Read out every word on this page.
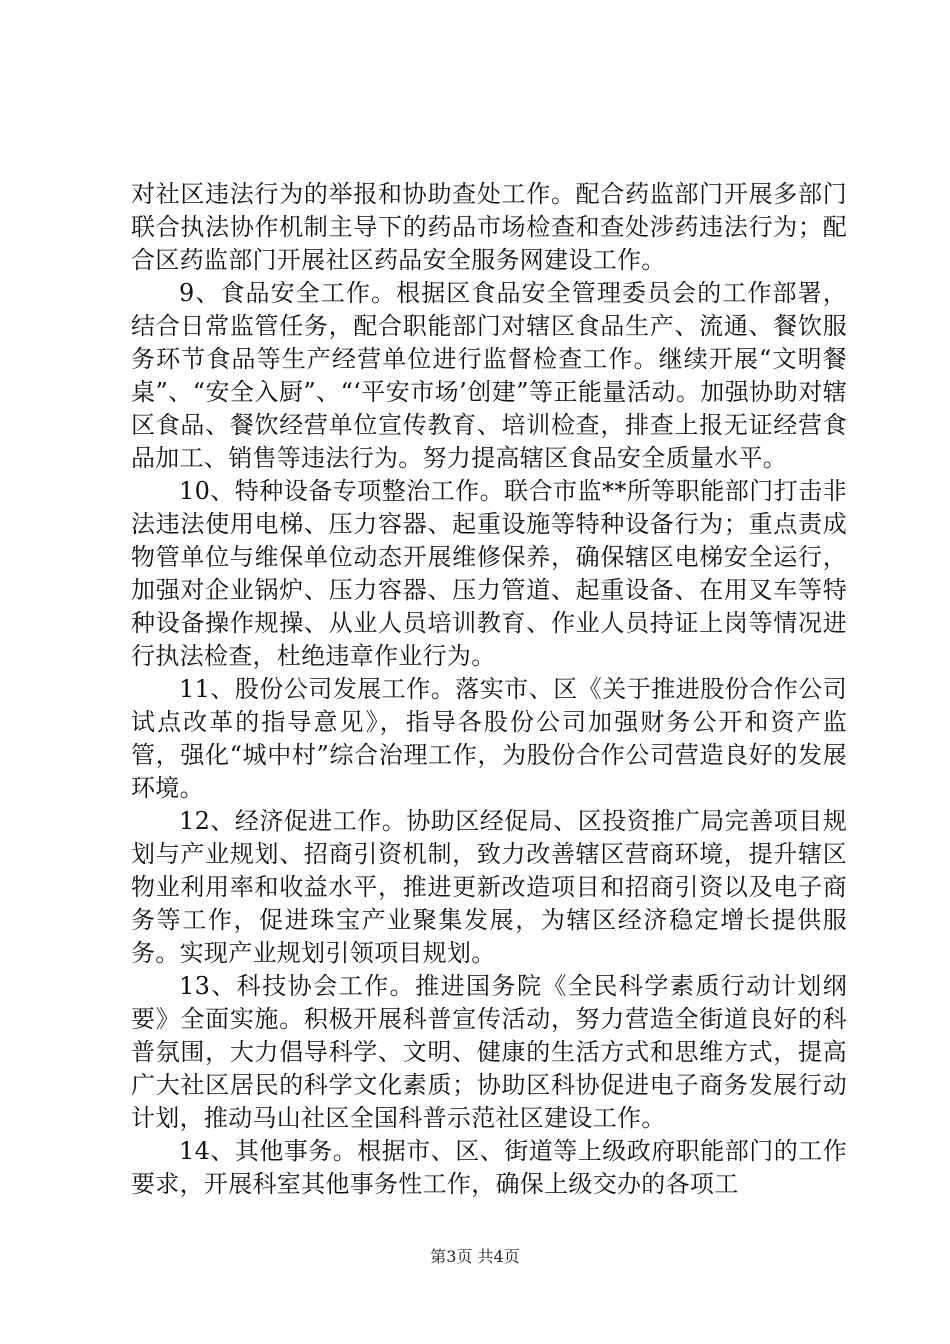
对社区违法行为的举报和协助查处工作。配合药监部门开展多部门联合执法协作机制主导下的药品市场检查和查处涉药违法行为；配合区药监部门开展社区药品安全服务网建设工作。

9、食品安全工作。根据区食品安全管理委员会的工作部署，结合日常监管任务，配合职能部门对辖区食品生产、流通、餐饮服务环节食品等生产经营单位进行监督检查工作。继续开展“文明餐桌”、“安全入厨”、“‘平安市场’创建”等正能量活动。加强协助对辖区食品、餐饮经营单位宣传教育、培训检查，排查上报无证经营食品加工、销售等违法行为。努力提高辖区食品安全质量水平。

10、特种设备专项整治工作。联合市监**所等职能部门打击非法违法使用电梯、压力容器、起重设施等特种设备行为；重点责成物管单位与维保单位动态开展维修保养，确保辖区电梯安全运行，加强对企业锅炉、压力容器、压力管道、起重设备、在用叉车等特种设备操作规操、从业人员培训教育、作业人员持证上岗等情况进行执法检查，杜绝违章作业行为。

11、股份公司发展工作。落实市、区《关于推进股份合作公司试点改革的指导意见》，指导各股份公司加强财务公开和资产监管，强化“城中村”综合治理工作，为股份合作公司营造良好的发展环境。

12、经济促进工作。协助区经促局、区投资推广局完善项目规划与产业规划、招商引资机制，致力改善辖区营商环境，提升辖区物业利用率和收益水平，推进更新改造项目和招商引资以及电子商务等工作，促进珠宝产业聚集发展，为辖区经济稳定增长提供服务。实现产业规划引领项目规划。

13、科技协会工作。推进国务院《全民科学素质行动计划纲要》全面实施。积极开展科普宣传活动，努力营造全街道良好的科普氛围，大力倡导科学、文明、健康的生活方式和思维方式，提高广大社区居民的科学文化素质；协助区科协促进电子商务发展行动计划，推动马山社区全国科普示范社区建设工作。

14、其他事务。根据市、区、街道等上级政府职能部门的工作要求，开展科室其他事务性工作，确保上级交办的各项工

第3页 共4页
